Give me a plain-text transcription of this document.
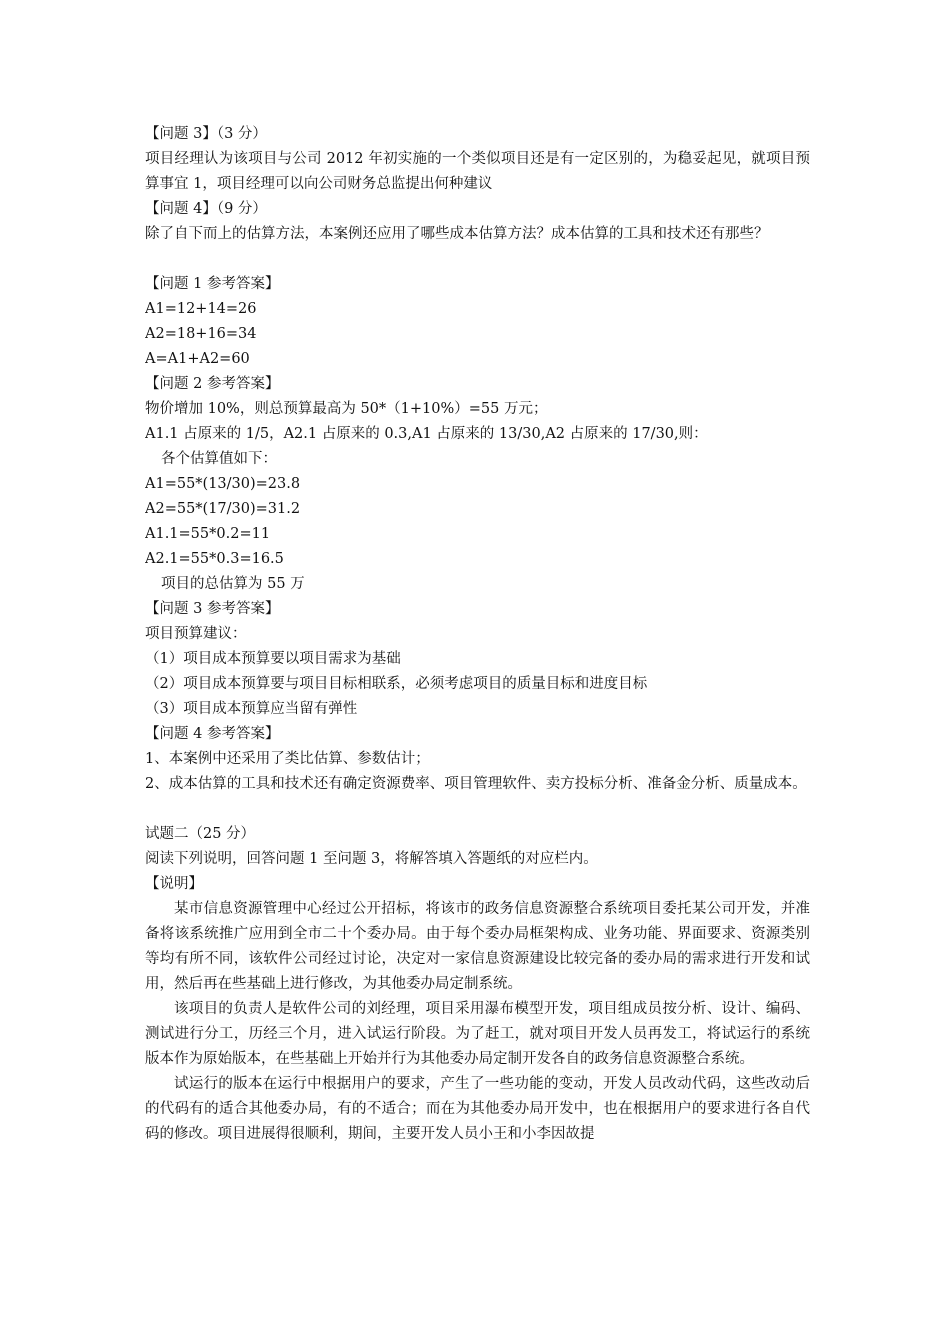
【问题 3】（3 分）
项目经理认为该项目与公司 2012 年初实施的一个类似项目还是有一定区别的，为稳妥起见，就项目预算事宜 1，项目经理可以向公司财务总监提出何种建议
【问题 4】（9 分）
除了自下而上的估算方法，本案例还应用了哪些成本估算方法？成本估算的工具和技术还有那些？
【问题 1 参考答案】
A1=12+14=26
A2=18+16=34
A=A1+A2=60
【问题 2 参考答案】
物价增加 10%，则总预算最高为 50*（1+10%）=55 万元；
A1.1 占原来的 1/5，A2.1 占原来的 0.3,A1 占原来的 13/30,A2 占原来的 17/30,则：
各个估算值如下：
A1=55*(13/30)=23.8
A2=55*(17/30)=31.2
A1.1=55*0.2=11
A2.1=55*0.3=16.5
项目的总估算为 55 万
【问题 3 参考答案】
项目预算建议：
（1）项目成本预算要以项目需求为基础
（2）项目成本预算要与项目目标相联系，必须考虑项目的质量目标和进度目标
（3）项目成本预算应当留有弹性
【问题 4 参考答案】
1、本案例中还采用了类比估算、参数估计；
2、成本估算的工具和技术还有确定资源费率、项目管理软件、卖方投标分析、准备金分析、质量成本。
试题二（25 分）
阅读下列说明，回答问题 1 至问题 3，将解答填入答题纸的对应栏内。
【说明】
某市信息资源管理中心经过公开招标，将该市的政务信息资源整合系统项目委托某公司开发，并准备将该系统推广应用到全市二十个委办局。由于每个委办局框架构成、业务功能、界面要求、资源类别等均有所不同，该软件公司经过讨论，决定对一家信息资源建设比较完备的委办局的需求进行开发和试用，然后再在些基础上进行修改，为其他委办局定制系统。
该项目的负责人是软件公司的刘经理，项目采用瀑布模型开发，项目组成员按分析、设计、编码、测试进行分工，历经三个月，进入试运行阶段。为了赶工，就对项目开发人员再发工，将试运行的系统版本作为原始版本，在些基础上开始并行为其他委办局定制开发各自的政务信息资源整合系统。
试运行的版本在运行中根据用户的要求，产生了一些功能的变动，开发人员改动代码，这些改动后的代码有的适合其他委办局，有的不适合；而在为其他委办局开发中，也在根据用户的要求进行各自代码的修改。项目进展得很顺利，期间，主要开发人员小王和小李因故提
